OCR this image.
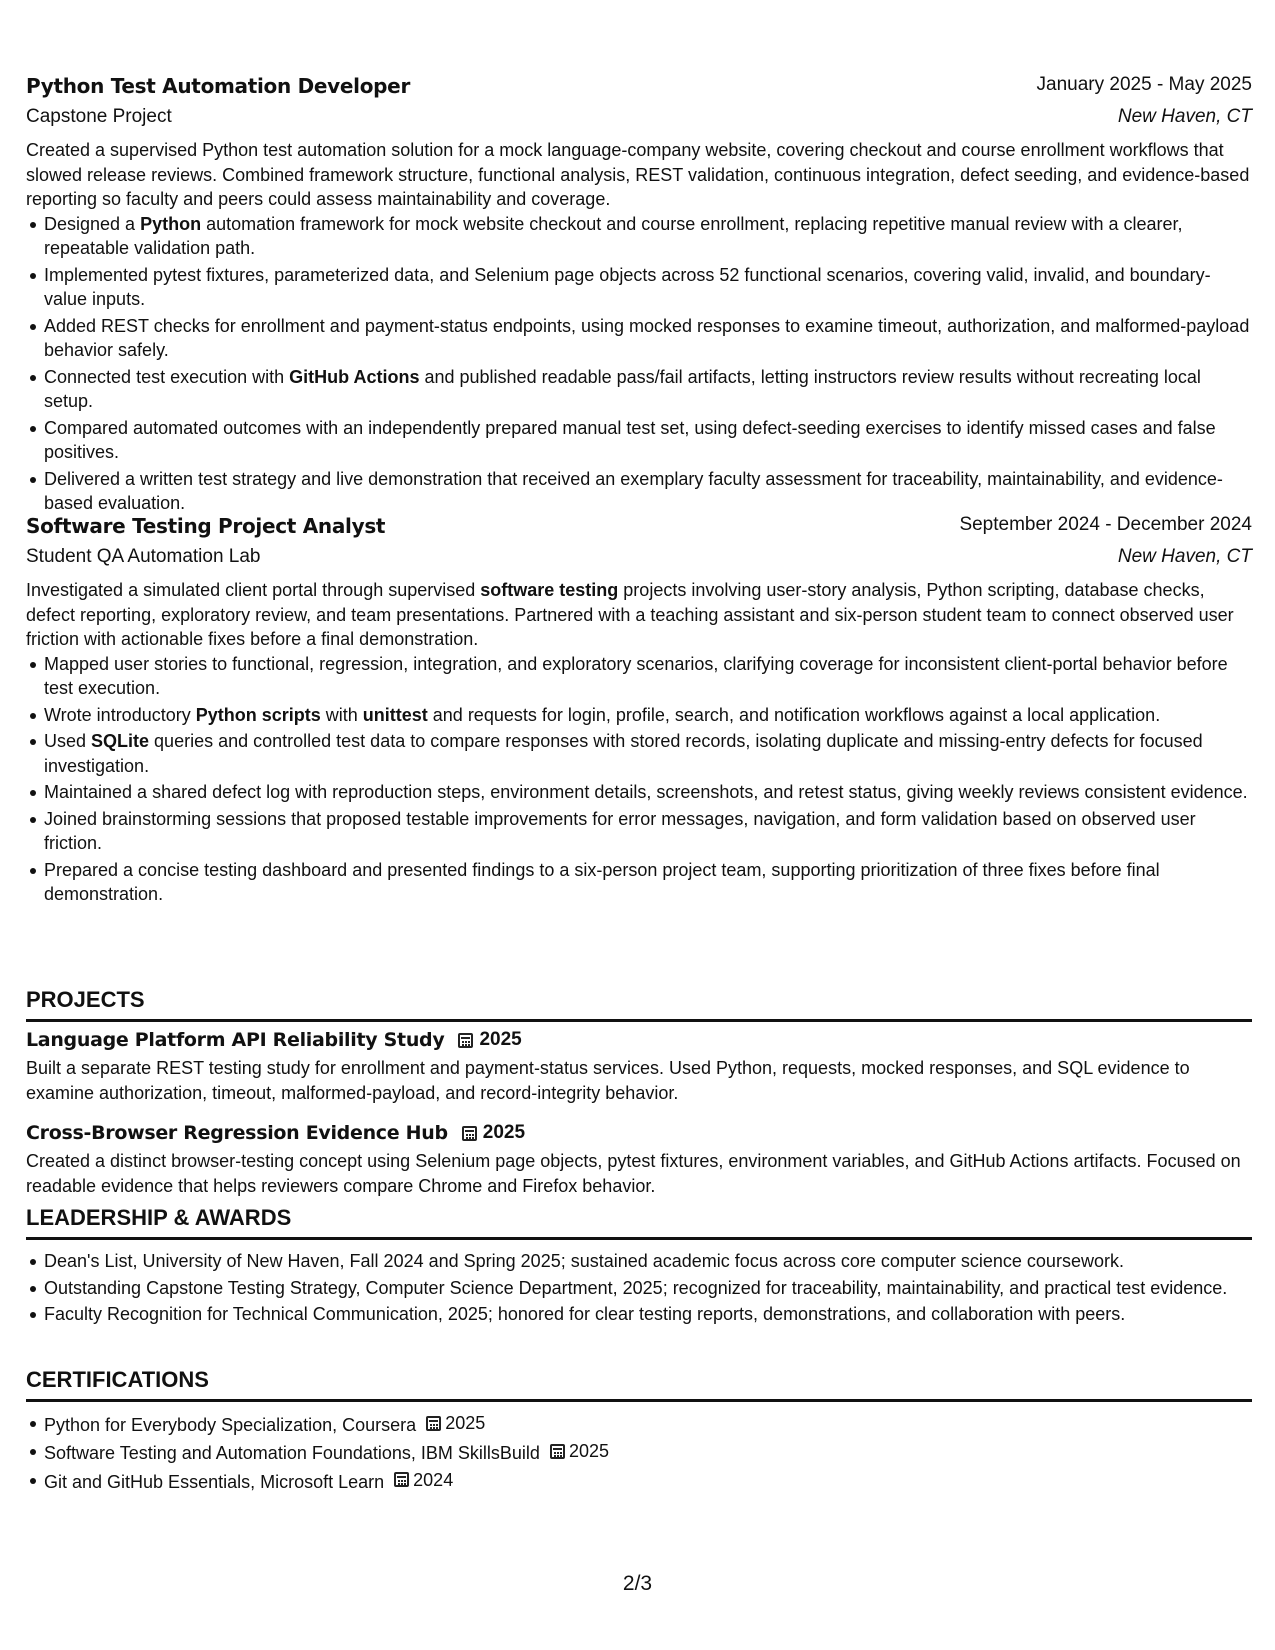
Python Test Automation Developer	January 2025 - May 2025
Capstone Project	New Haven, CT

Created a supervised Python test automation solution for a mock language-company website, covering checkout and course enrollment workflows that slowed release reviews. Combined framework structure, functional analysis, REST validation, continuous integration, defect seeding, and evidence-based reporting so faculty and peers could assess maintainability and coverage.

Designed a Python automation framework for mock website checkout and course enrollment, replacing repetitive manual review with a clearer, repeatable validation path.
Implemented pytest fixtures, parameterized data, and Selenium page objects across 52 functional scenarios, covering valid, invalid, and boundary-value inputs.
Added REST checks for enrollment and payment-status endpoints, using mocked responses to examine timeout, authorization, and malformed-payload behavior safely.
Connected test execution with GitHub Actions and published readable pass/fail artifacts, letting instructors review results without recreating local setup.
Compared automated outcomes with an independently prepared manual test set, using defect-seeding exercises to identify missed cases and false positives.
Delivered a written test strategy and live demonstration that received an exemplary faculty assessment for traceability, maintainability, and evidence-based evaluation.
Software Testing Project Analyst	September 2024 - December 2024
Student QA Automation Lab	New Haven, CT

Investigated a simulated client portal through supervised software testing projects involving user-story analysis, Python scripting, database checks, defect reporting, exploratory review, and team presentations. Partnered with a teaching assistant and six-person student team to connect observed user friction with actionable fixes before a final demonstration.

Mapped user stories to functional, regression, integration, and exploratory scenarios, clarifying coverage for inconsistent client-portal behavior before test execution.
Wrote introductory Python scripts with unittest and requests for login, profile, search, and notification workflows against a local application.
Used SQLite queries and controlled test data to compare responses with stored records, isolating duplicate and missing-entry defects for focused investigation.
Maintained a shared defect log with reproduction steps, environment details, screenshots, and retest status, giving weekly reviews consistent evidence.
Joined brainstorming sessions that proposed testable improvements for error messages, navigation, and form validation based on observed user friction.
Prepared a concise testing dashboard and presented findings to a six-person project team, supporting prioritization of three fixes before final demonstration.
PROJECTS
Language Platform API Reliability Study 2025

Built a separate REST testing study for enrollment and payment-status services. Used Python, requests, mocked responses, and SQL evidence to examine authorization, timeout, malformed-payload, and record-integrity behavior.

Cross-Browser Regression Evidence Hub 2025

Created a distinct browser-testing concept using Selenium page objects, pytest fixtures, environment variables, and GitHub Actions artifacts. Focused on readable evidence that helps reviewers compare Chrome and Firefox behavior.

LEADERSHIP & AWARDS
Dean's List, University of New Haven, Fall 2024 and Spring 2025; sustained academic focus across core computer science coursework.
Outstanding Capstone Testing Strategy, Computer Science Department, 2025; recognized for traceability, maintainability, and practical test evidence.
Faculty Recognition for Technical Communication, 2025; honored for clear testing reports, demonstrations, and collaboration with peers.
CERTIFICATIONS
Python for Everybody Specialization, Coursera 2025
Software Testing and Automation Foundations, IBM SkillsBuild 2025
Git and GitHub Essentials, Microsoft Learn 2024
2/3
